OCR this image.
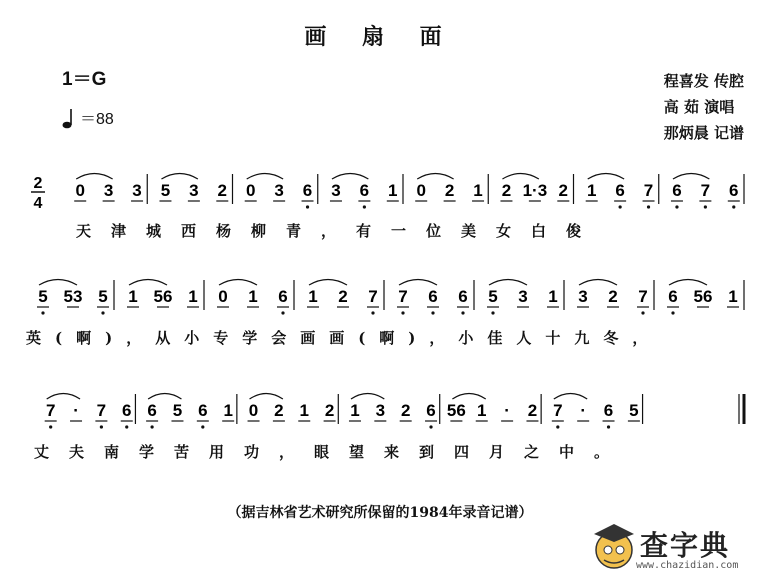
画 扇 面
1＝G
＝88
程喜发 传腔
高 茹 演唱
那炳晨 记谱
2
4
0 3 3 5 3 2 0 3 6 3 6 1 0 2 1 2 1·3 2 1 6 7 6 7 6
5 53 5 1 56 1 0 1 6 1 2 7 7 6 6 5 3 1 3 2 7 6 56 1
7 · 7 6 6 5 6 1 0 2 1 2 1 3 2 6 56 1 · 2 7 · 6 5
天津城西杨柳青，有一位美女白俊
英(啊)，从小专学会画画(啊)，小佳人十九冬，
丈夫南学苦用功，眼望来到四月之中。
（据吉林省艺术研究所保留的1984年录音记谱）
查字典
www.chazidian.com
